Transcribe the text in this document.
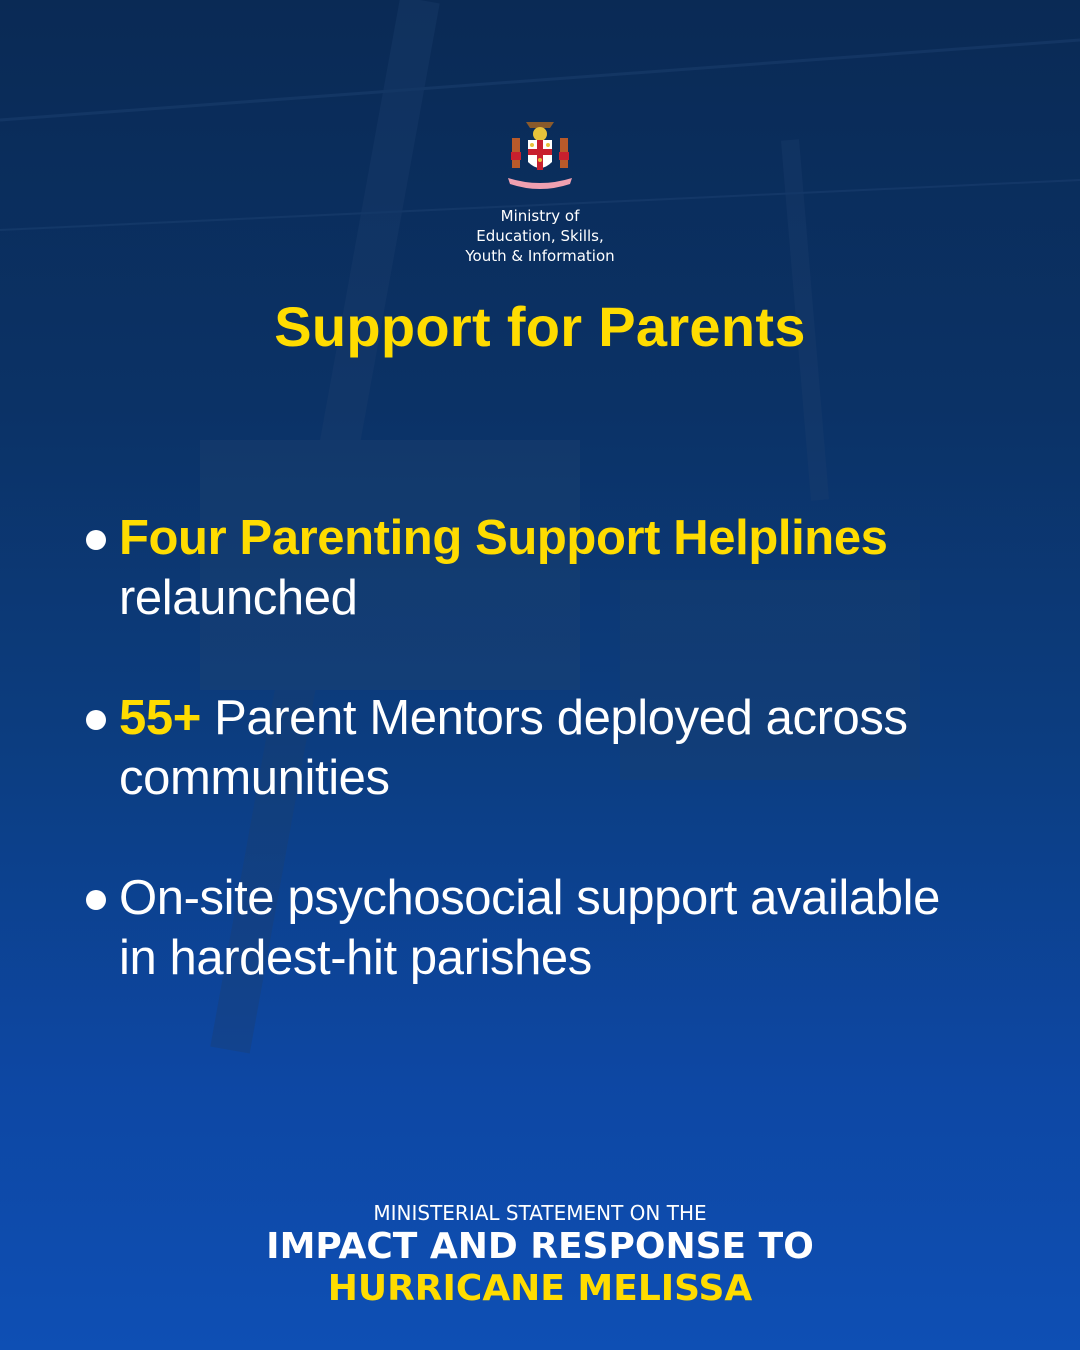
Ministry of
Education, Skills,
Youth & Information
Support for Parents
Four Parenting Support Helplines
relaunched
55+ Parent Mentors deployed across communities
On-site psychosocial support available in hardest-hit parishes
MINISTERIAL STATEMENT ON THE
IMPACT AND RESPONSE TO
HURRICANE MELISSA
